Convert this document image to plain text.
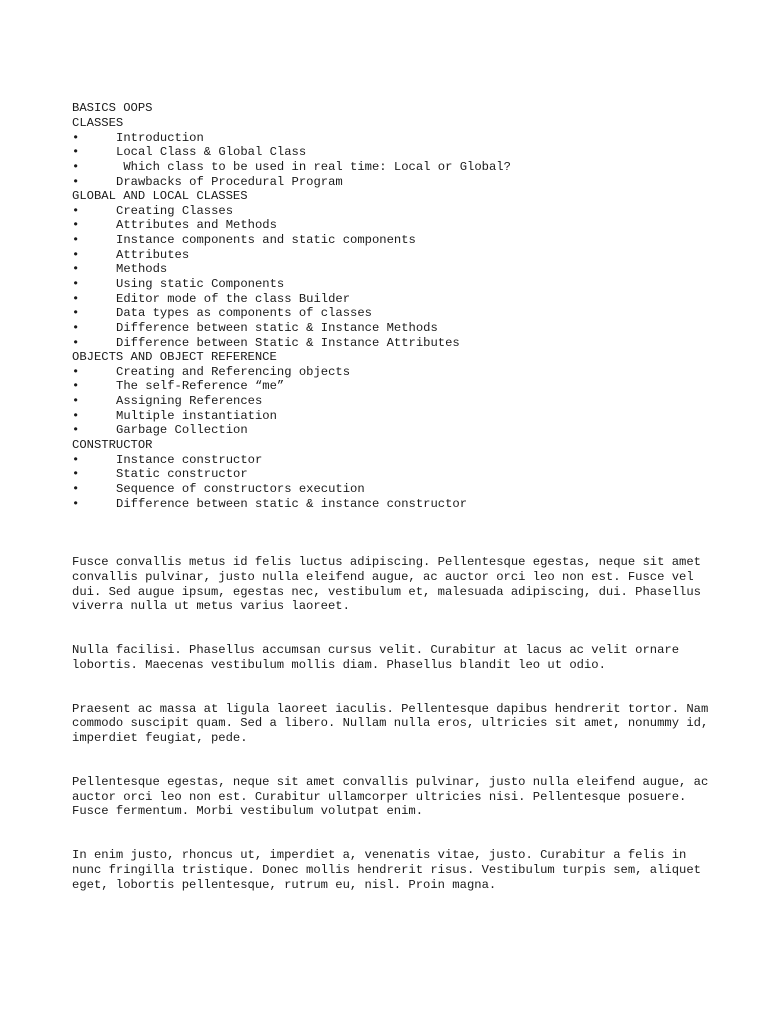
BASICS OOPS
CLASSES
•	Introduction
•	Local Class & Global Class
•	Which class to be used in real time: Local or Global?
•	Drawbacks of Procedural Program
GLOBAL AND LOCAL CLASSES
•	Creating Classes
•	Attributes and Methods
•	Instance components and static components
•	Attributes
•	Methods
•	Using static Components
•	Editor mode of the class Builder
•	Data types as components of classes
•	Difference between static & Instance Methods
•	Difference between Static & Instance Attributes
OBJECTS AND OBJECT REFERENCE
•	Creating and Referencing objects
•	The self-Reference “me”
•	Assigning References
•	Multiple instantiation
•	Garbage Collection
CONSTRUCTOR
•	Instance constructor
•	Static constructor
•	Sequence of constructors execution
•	Difference between static & instance constructor

Fusce convallis metus id felis luctus adipiscing. Pellentesque egestas, neque sit amet convallis pulvinar, justo nulla eleifend augue, ac auctor orci leo non est. Fusce vel dui. Sed augue ipsum, egestas nec, vestibulum et, malesuada adipiscing, dui. Phasellus viverra nulla ut metus varius laoreet.

Nulla facilisi. Phasellus accumsan cursus velit. Curabitur at lacus ac velit ornare lobortis. Maecenas vestibulum mollis diam. Phasellus blandit leo ut odio.

Praesent ac massa at ligula laoreet iaculis. Pellentesque dapibus hendrerit tortor. Nam commodo suscipit quam. Sed a libero. Nullam nulla eros, ultricies sit amet, nonummy id, imperdiet feugiat, pede.

Pellentesque egestas, neque sit amet convallis pulvinar, justo nulla eleifend augue, ac auctor orci leo non est. Curabitur ullamcorper ultricies nisi. Pellentesque posuere. Fusce fermentum. Morbi vestibulum volutpat enim.

In enim justo, rhoncus ut, imperdiet a, venenatis vitae, justo. Curabitur a felis in nunc fringilla tristique. Donec mollis hendrerit risus. Vestibulum turpis sem, aliquet eget, lobortis pellentesque, rutrum eu, nisl. Proin magna.
